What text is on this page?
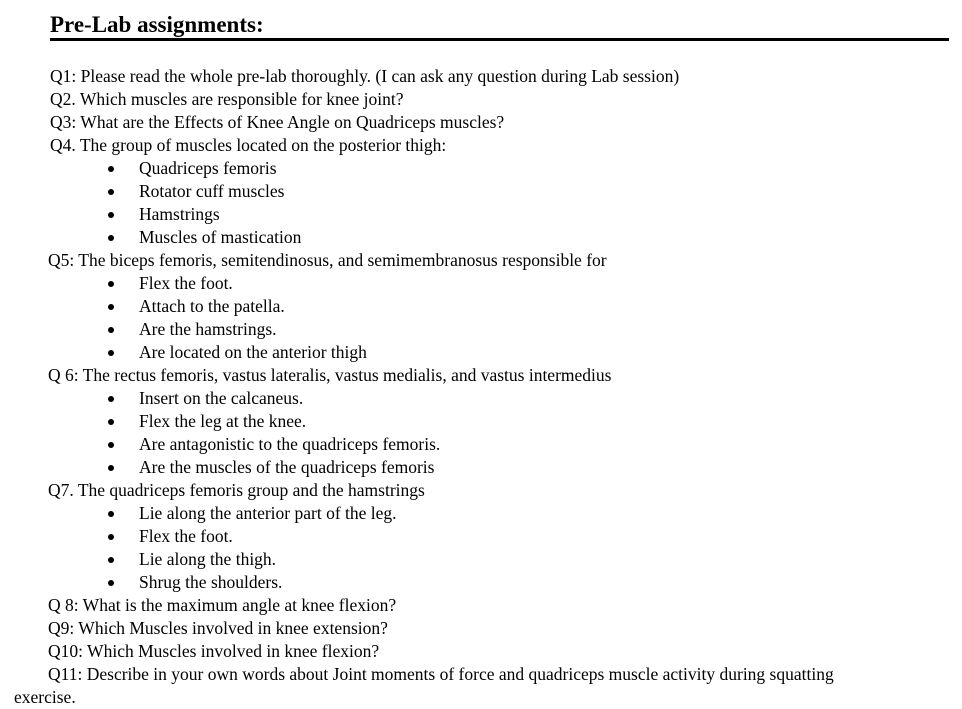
Pre-Lab assignments:
Q1: Please read the whole pre-lab thoroughly. (I can ask any question during Lab session)
Q2. Which muscles are responsible for knee joint?
Q3: What are the Effects of Knee Angle on Quadriceps muscles?
Q4. The group of muscles located on the posterior thigh:
Quadriceps femoris
Rotator cuff muscles
Hamstrings
Muscles of mastication
Q5: The biceps femoris, semitendinosus, and semimembranosus responsible for
Flex the foot.
Attach to the patella.
Are the hamstrings.
Are located on the anterior thigh
Q 6: The rectus femoris, vastus lateralis, vastus medialis, and vastus intermedius
Insert on the calcaneus.
Flex the leg at the knee.
Are antagonistic to the quadriceps femoris.
Are the muscles of the quadriceps femoris
Q7. The quadriceps femoris group and the hamstrings
Lie along the anterior part of the leg.
Flex the foot.
Lie along the thigh.
Shrug the shoulders.
Q 8: What is the maximum angle at knee flexion?
Q9: Which Muscles involved in knee extension?
Q10: Which Muscles involved in knee flexion?
Q11: Describe in your own words about Joint moments of force and quadriceps muscle activity during squatting
exercise.
